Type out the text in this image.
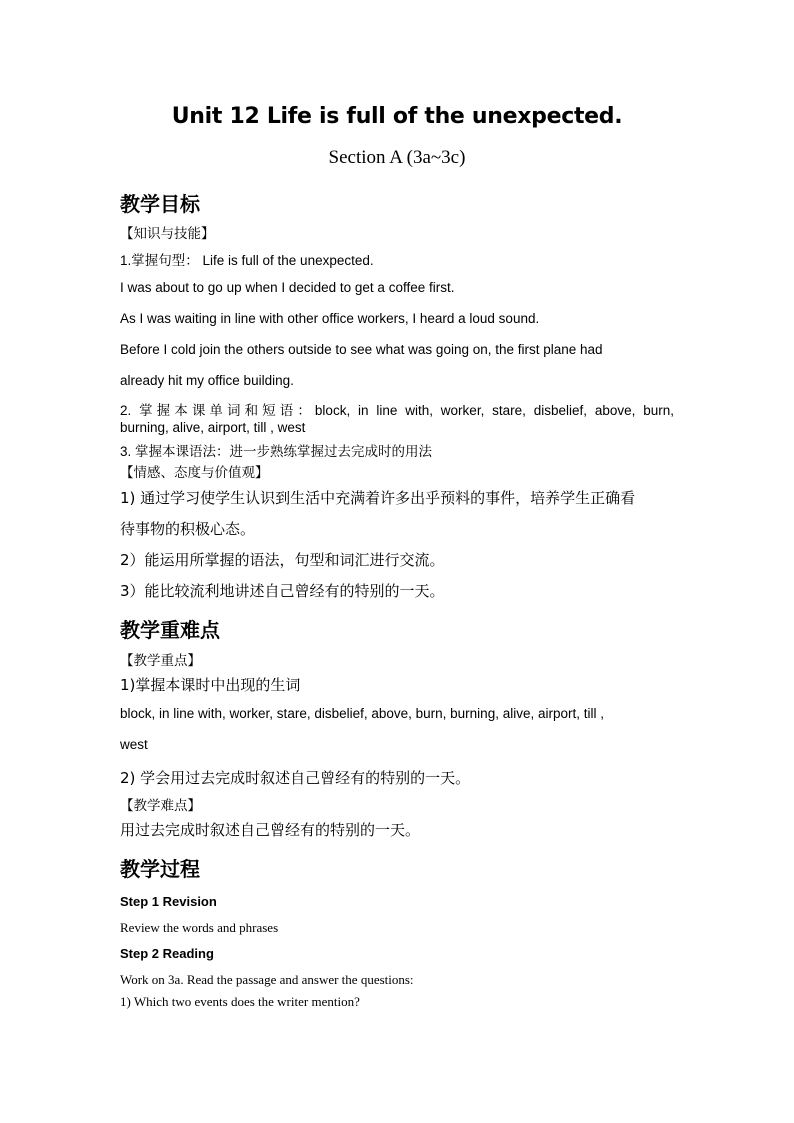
Unit 12 Life is full of the unexpected.
Section A (3a~3c)
教学目标
【知识与技能】
1.掌握句型： Life is full of the unexpected.
I was about to go up when I decided to get a coffee first.
As I was waiting in line with other office workers, I heard a loud sound.
Before I cold join the others outside to see what was going on, the first plane had
already hit my office building.
2. 掌握本课单词和短语：block, in line with, worker, stare, disbelief, above, burn,
burning, alive, airport, till , west
3. 掌握本课语法：进一步熟练掌握过去完成时的用法
【情感、态度与价值观】
1) 通过学习使学生认识到生活中充满着许多出乎预料的事件，培养学生正确看
待事物的积极心态。
2）能运用所掌握的语法，句型和词汇进行交流。
3）能比较流利地讲述自己曾经有的特别的一天。
教学重难点
【教学重点】
1)掌握本课时中出现的生词
block, in line with, worker, stare, disbelief, above, burn, burning, alive, airport, till ,
west
2) 学会用过去完成时叙述自己曾经有的特别的一天。
【教学难点】
用过去完成时叙述自己曾经有的特别的一天。
教学过程
Step 1 Revision
Review the words and phrases
Step 2 Reading
Work on 3a. Read the passage and answer the questions:
1) Which two events does the writer mention?
